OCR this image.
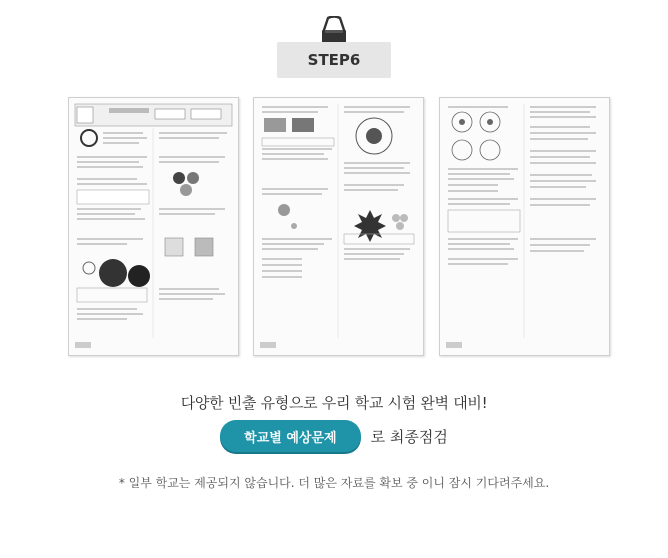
STEP6
다양한 빈출 유형으로 우리 학교 시험 완벽 대비!
학교별 예상문제 로 최종점검
* 일부 학교는 제공되지 않습니다. 더 많은 자료를 확보 중 이니 잠시 기다려주세요.
